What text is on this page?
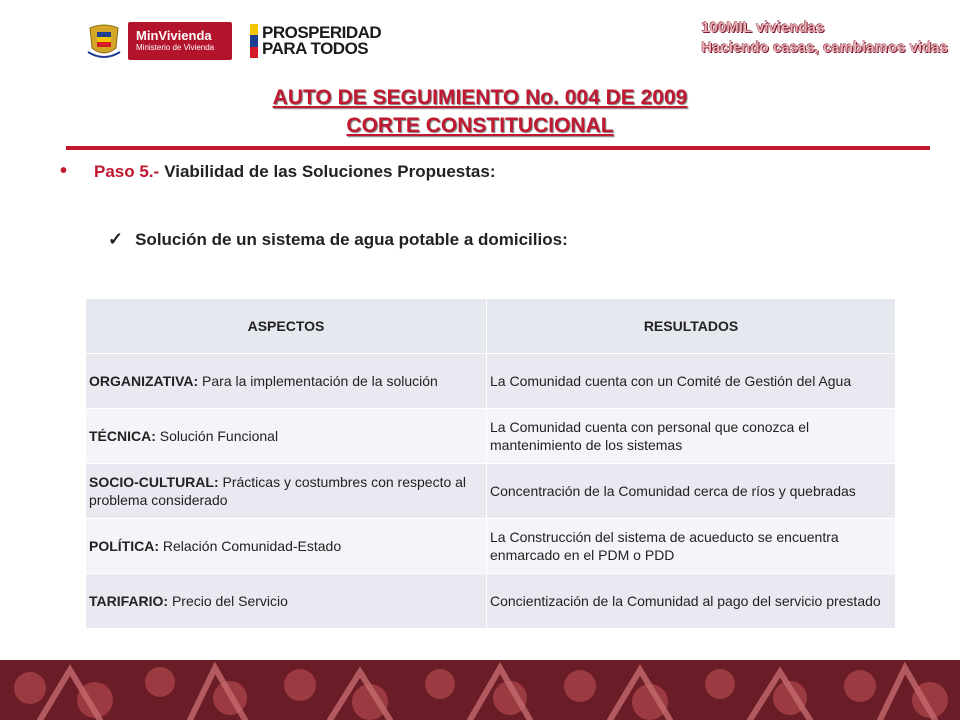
MinVivienda
Ministerio de Vivienda
PROSPERIDAD
PARA TODOS
100MIL viviendas
Haciendo casas, cambiamos vidas
AUTO DE SEGUIMIENTO No. 004 DE 2009
CORTE CONSTITUCIONAL
•	Paso 5.- Viabilidad de las Soluciones Propuestas:
✓ Solución de un sistema de agua potable a domicilios:
ASPECTOS	RESULTADOS
ORGANIZATIVA: Para la implementación de la solución	La Comunidad cuenta con un Comité de Gestión del Agua
TÉCNICA: Solución Funcional	La Comunidad cuenta con personal que conozca el mantenimiento de los sistemas
SOCIO-CULTURAL: Prácticas y costumbres con respecto al problema considerado	Concentración de la Comunidad cerca de ríos y quebradas
POLÍTICA: Relación Comunidad-Estado	La Construcción del sistema de acueducto se encuentra enmarcado en el PDM o PDD
TARIFARIO: Precio del Servicio	Concientización de la Comunidad al pago del servicio prestado
